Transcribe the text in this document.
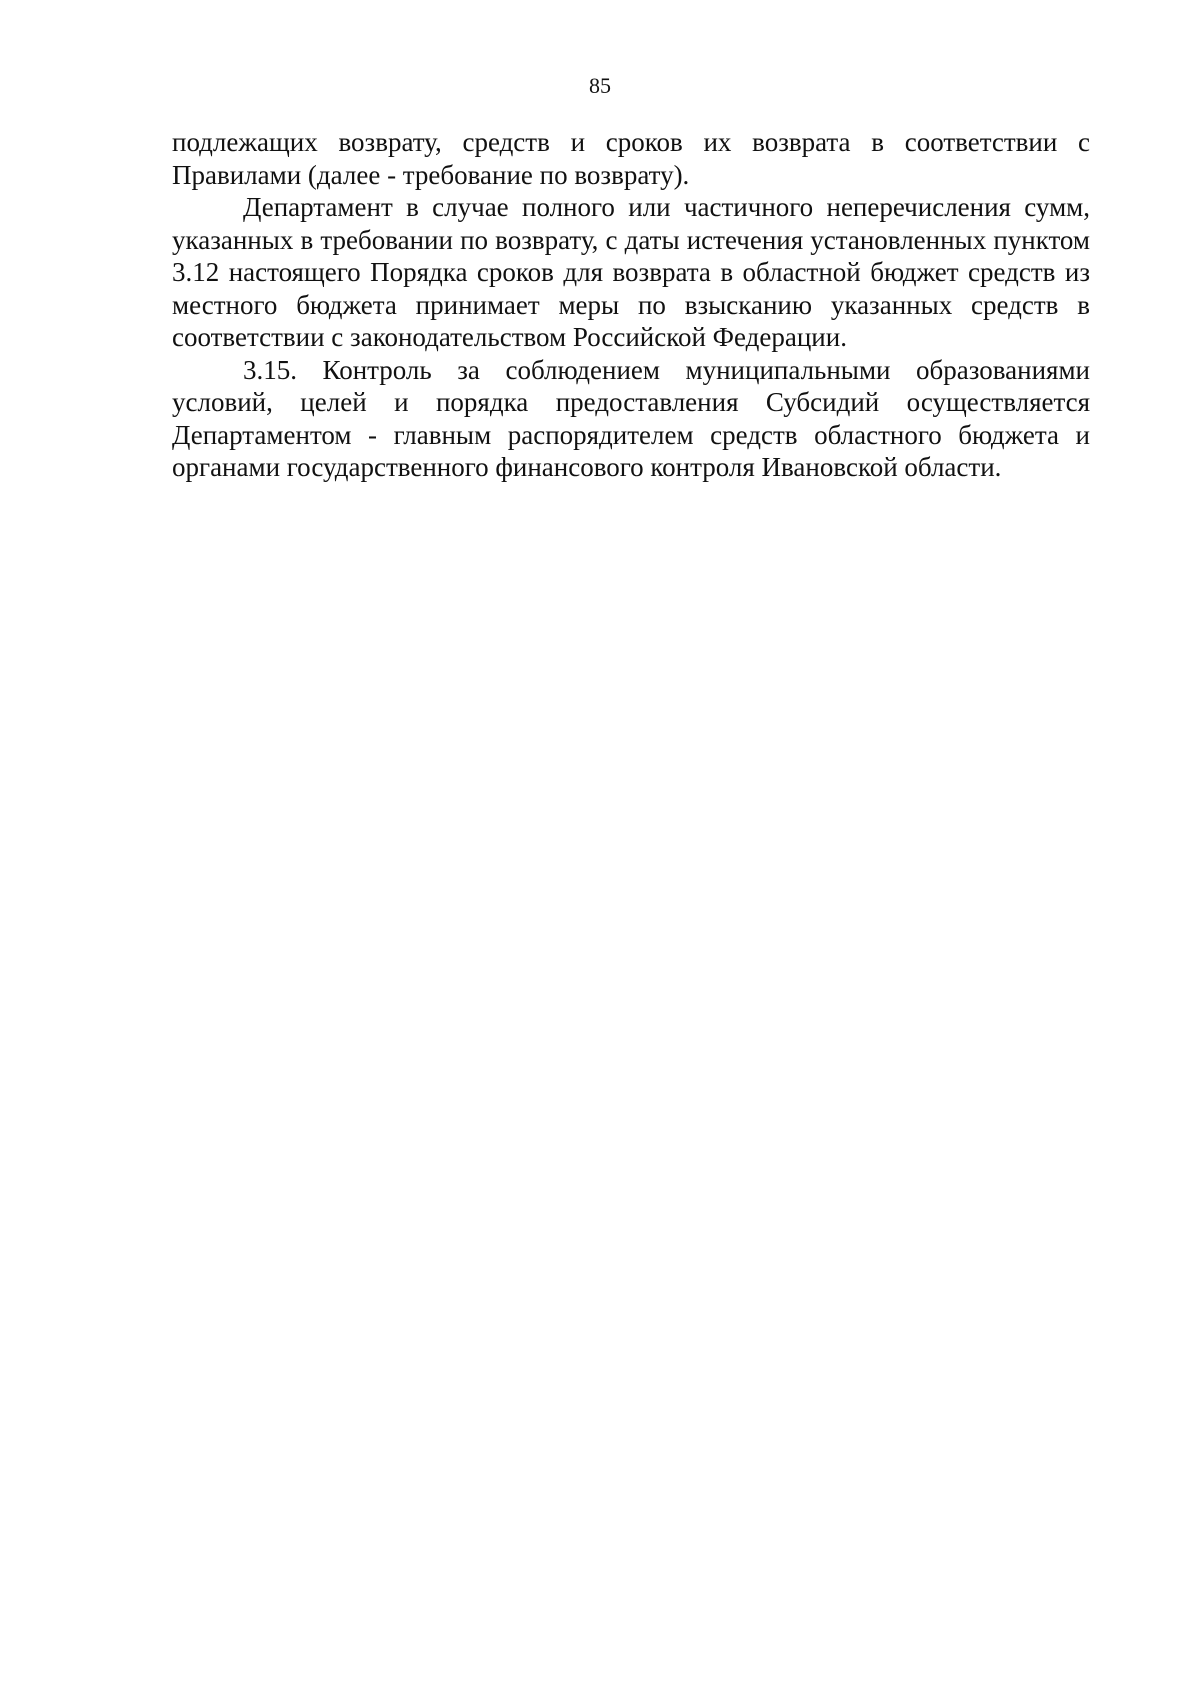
85

подлежащих возврату, средств и сроков их возврата в соответствии с Правилами (далее - требование по возврату).

Департамент в случае полного или частичного неперечисления сумм, указанных в требовании по возврату, с даты истечения установленных пунктом 3.12 настоящего Порядка сроков для возврата в областной бюджет средств из местного бюджета принимает меры по взысканию указанных средств в соответствии с законодательством Российской Федерации.

3.15. Контроль за соблюдением муниципальными образованиями условий, целей и порядка предоставления Субсидий осуществляется Департаментом - главным распорядителем средств областного бюджета и органами государственного финансового контроля Ивановской области.
